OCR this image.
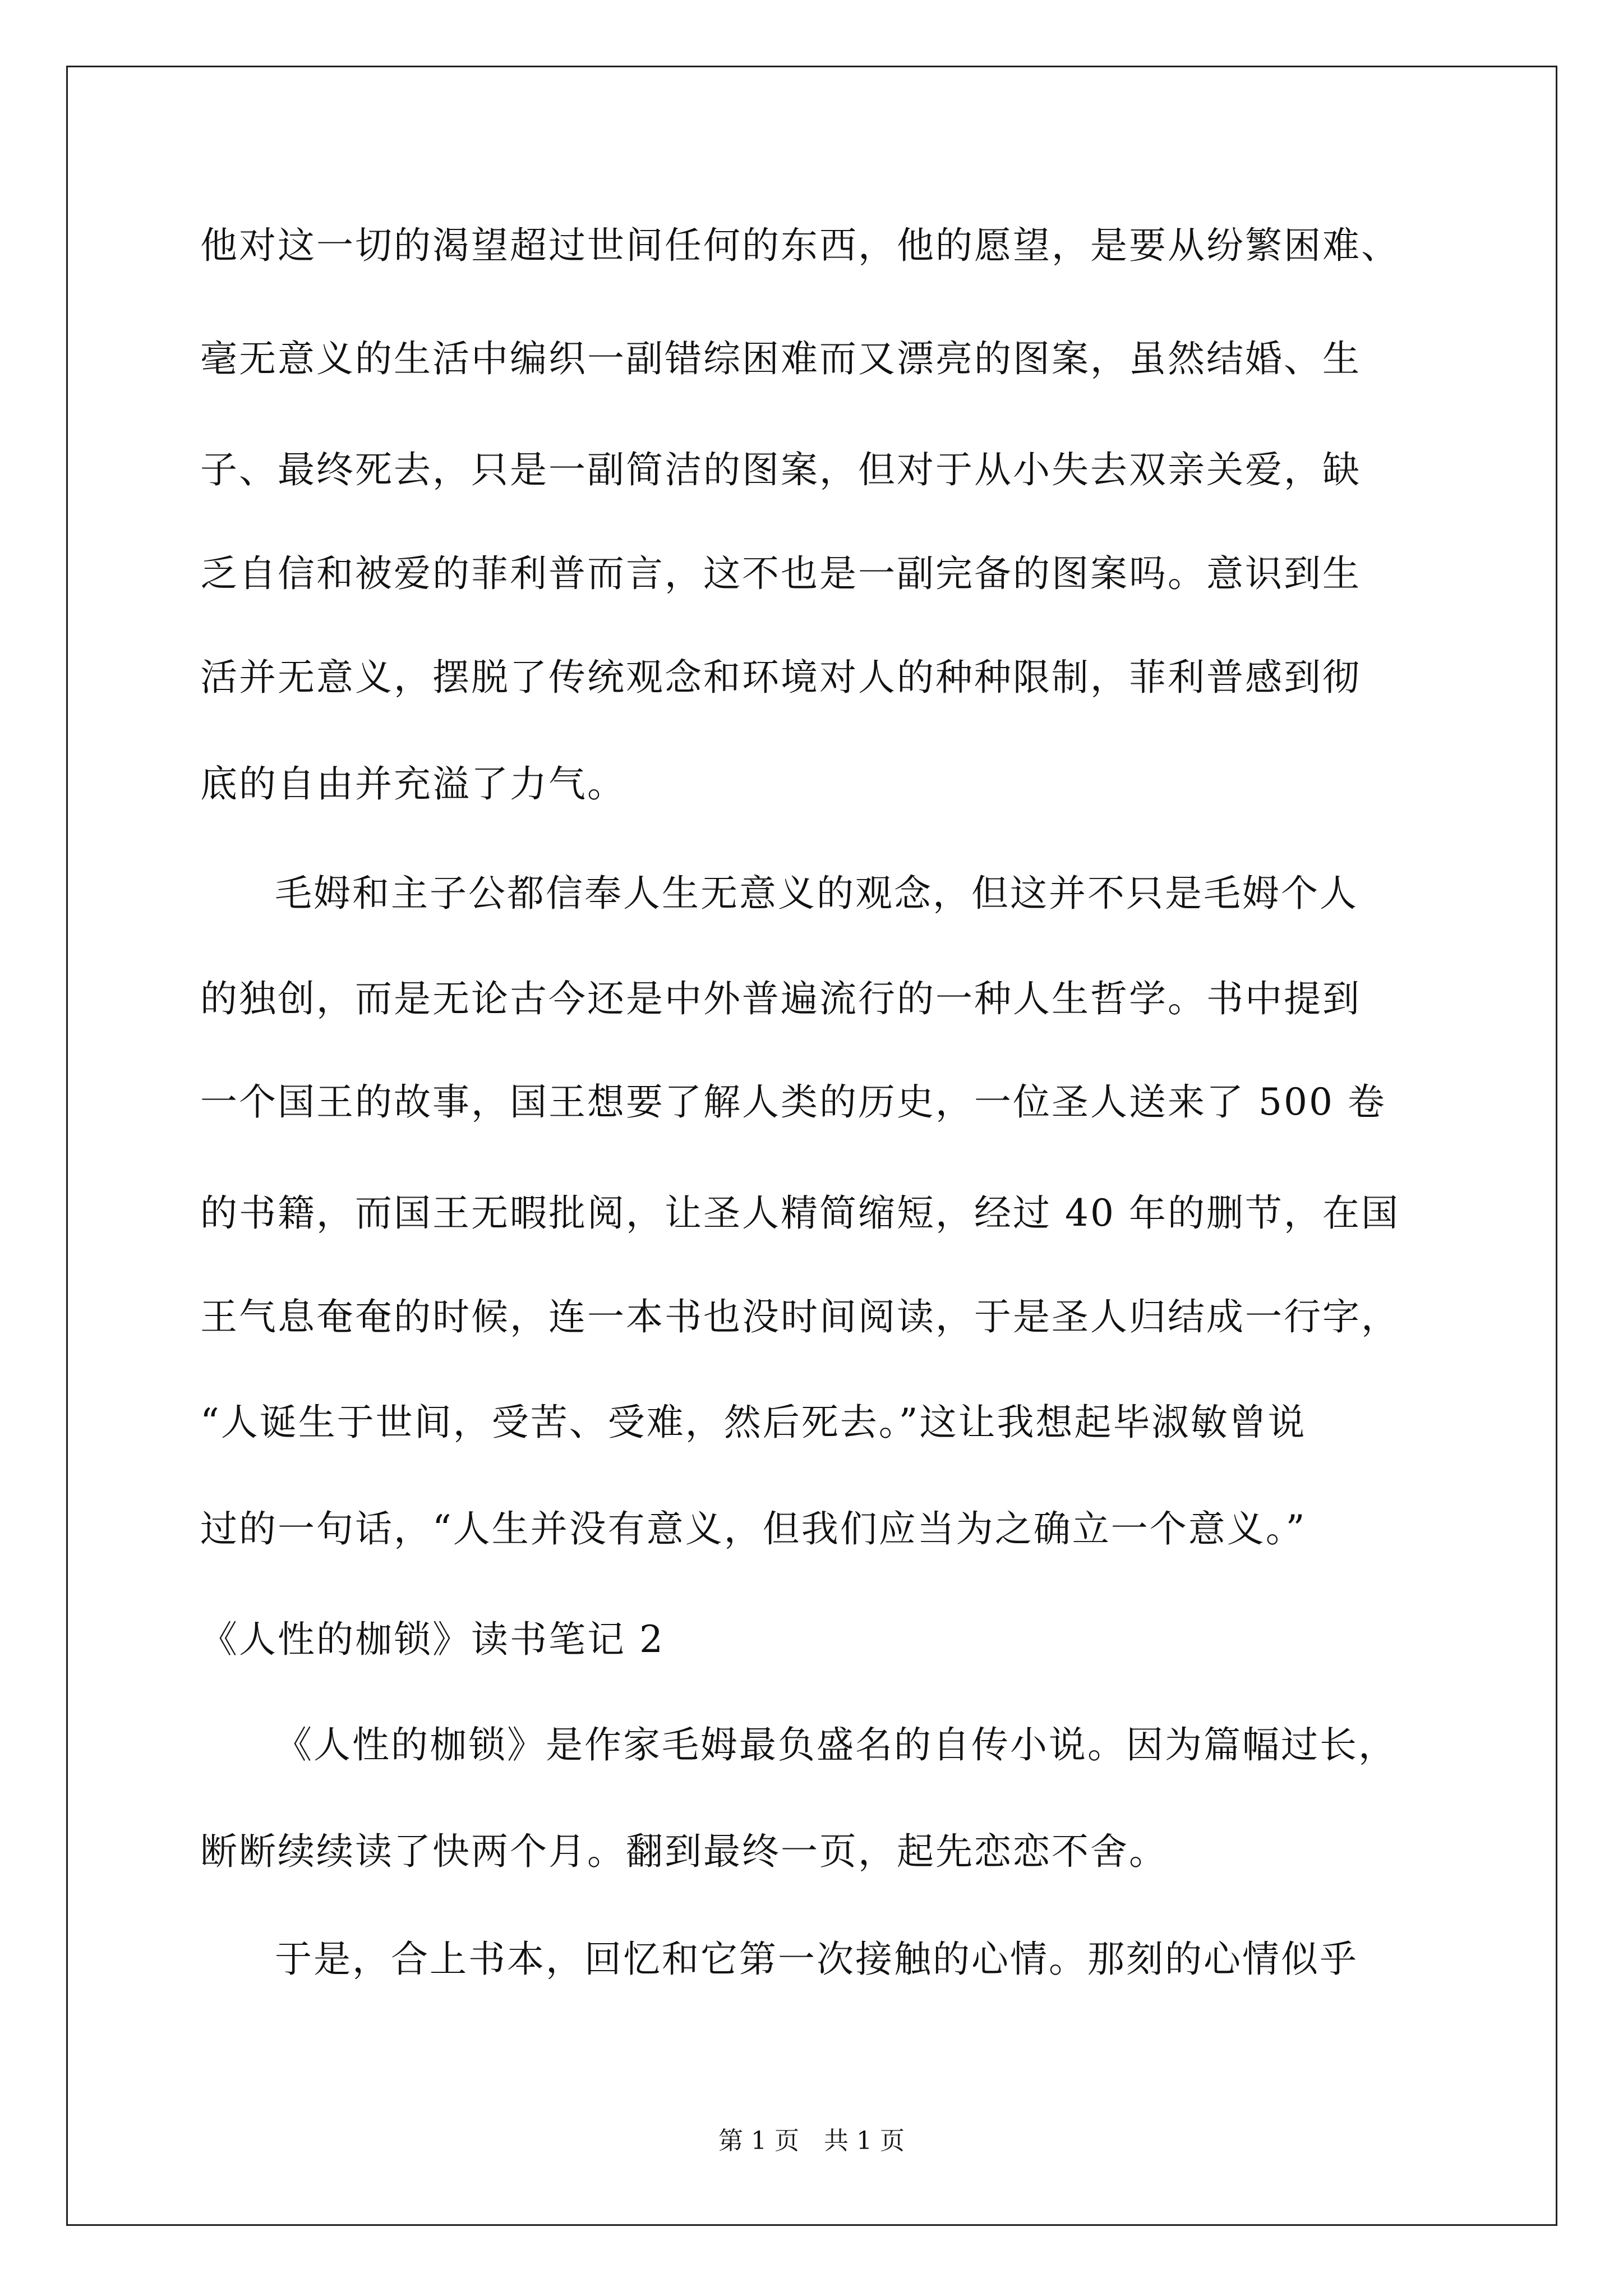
他对这一切的渴望超过世间任何的东西，他的愿望，是要从纷繁困难、
毫无意义的生活中编织一副错综困难而又漂亮的图案，虽然结婚、生
子、最终死去，只是一副简洁的图案，但对于从小失去双亲关爱，缺
乏自信和被爱的菲利普而言，这不也是一副完备的图案吗。意识到生
活并无意义，摆脱了传统观念和环境对人的种种限制，菲利普感到彻
底的自由并充溢了力气。
毛姆和主子公都信奉人生无意义的观念，但这并不只是毛姆个人
的独创，而是无论古今还是中外普遍流行的一种人生哲学。书中提到
一个国王的故事，国王想要了解人类的历史，一位圣人送来了 500 卷
的书籍，而国王无暇批阅，让圣人精简缩短，经过 40 年的删节，在国
王气息奄奄的时候，连一本书也没时间阅读，于是圣人归结成一行字，
“人诞生于世间，受苦、受难，然后死去。”这让我想起毕淑敏曾说
过的一句话，“人生并没有意义，但我们应当为之确立一个意义。”
《人性的枷锁》读书笔记 2
《人性的枷锁》是作家毛姆最负盛名的自传小说。因为篇幅过长，
断断续续读了快两个月。翻到最终一页，起先恋恋不舍。
于是，合上书本，回忆和它第一次接触的心情。那刻的心情似乎
第 1 页　共 1 页
